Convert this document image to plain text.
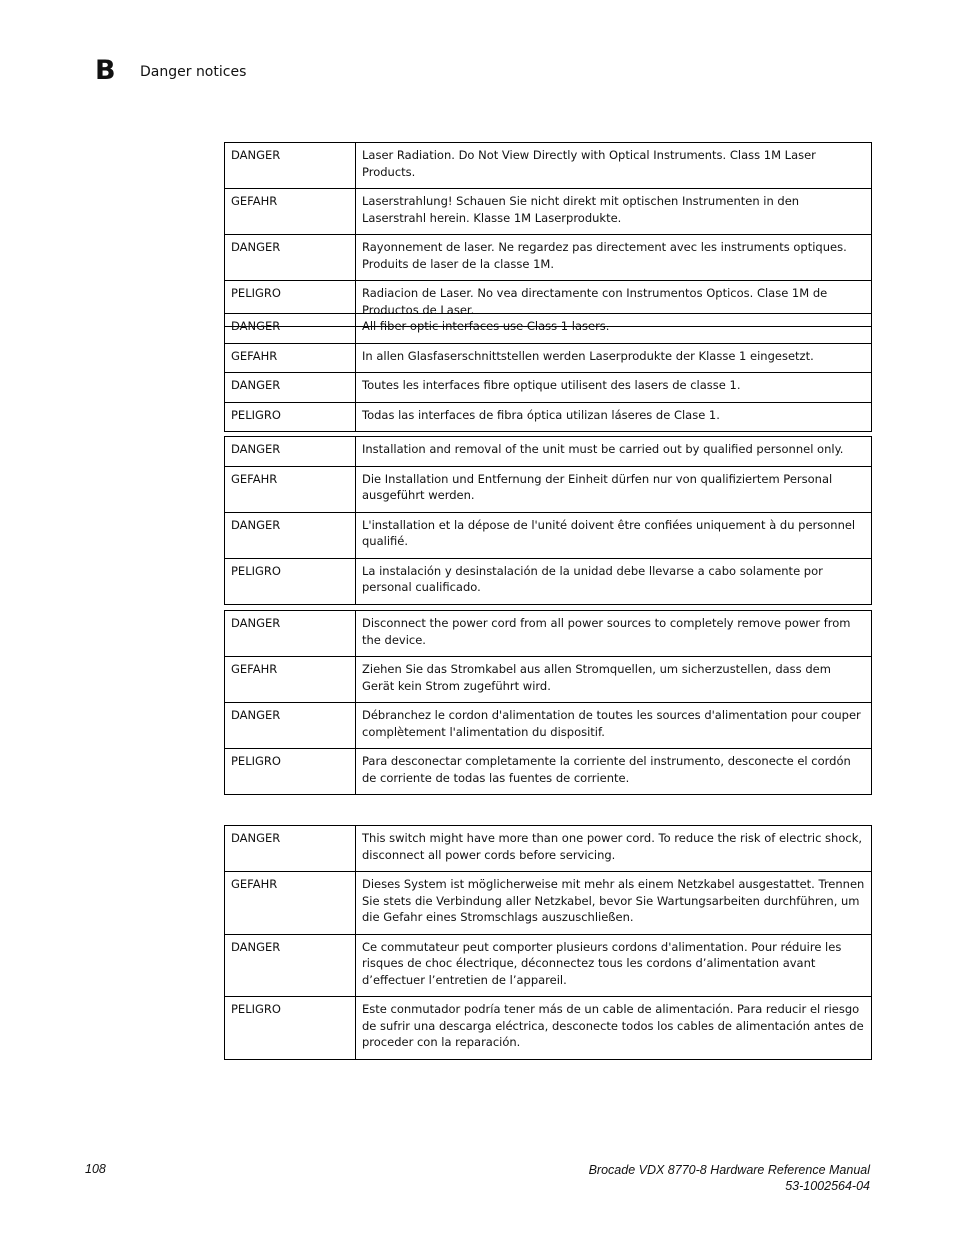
B Danger notices
DANGER	Laser Radiation. Do Not View Directly with Optical Instruments. Class 1M Laser Products.
GEFAHR	Laserstrahlung! Schauen Sie nicht direkt mit optischen Instrumenten in den Laserstrahl herein. Klasse 1M Laserprodukte.
DANGER	Rayonnement de laser. Ne regardez pas directement avec les instruments optiques. Produits de laser de la classe 1M.
PELIGRO	Radiacion de Laser. No vea directamente con Instrumentos Opticos. Clase 1M de Productos de Laser.
DANGER	All fiber optic interfaces use Class 1 lasers.
GEFAHR	In allen Glasfaserschnittstellen werden Laserprodukte der Klasse 1 eingesetzt.
DANGER	Toutes les interfaces fibre optique utilisent des lasers de classe 1.
PELIGRO	Todas las interfaces de fibra óptica utilizan láseres de Clase 1.
DANGER	Installation and removal of the unit must be carried out by qualified personnel only.
GEFAHR	Die Installation und Entfernung der Einheit dürfen nur von qualifiziertem Personal ausgeführt werden.
DANGER	L'installation et la dépose de l'unité doivent être confiées uniquement à du personnel qualifié.
PELIGRO	La instalación y desinstalación de la unidad debe llevarse a cabo solamente por personal cualificado.
DANGER	Disconnect the power cord from all power sources to completely remove power from the device.
GEFAHR	Ziehen Sie das Stromkabel aus allen Stromquellen, um sicherzustellen, dass dem Gerät kein Strom zugeführt wird.
DANGER	Débranchez le cordon d'alimentation de toutes les sources d'alimentation pour couper complètement l'alimentation du dispositif.
PELIGRO	Para desconectar completamente la corriente del instrumento, desconecte el cordón de corriente de todas las fuentes de corriente.
DANGER	This switch might have more than one power cord. To reduce the risk of electric shock, disconnect all power cords before servicing.
GEFAHR	Dieses System ist möglicherweise mit mehr als einem Netzkabel ausgestattet. Trennen Sie stets die Verbindung aller Netzkabel, bevor Sie Wartungsarbeiten durchführen, um die Gefahr eines Stromschlags auszuschließen.
DANGER	Ce commutateur peut comporter plusieurs cordons d'alimentation. Pour réduire les risques de choc électrique, déconnectez tous les cordons d’alimentation avant d’effectuer l’entretien de l’appareil.
PELIGRO	Este conmutador podría tener más de un cable de alimentación. Para reducir el riesgo de sufrir una descarga eléctrica, desconecte todos los cables de alimentación antes de proceder con la reparación.
108	Brocade VDX 8770-8 Hardware Reference Manual
53-1002564-04
